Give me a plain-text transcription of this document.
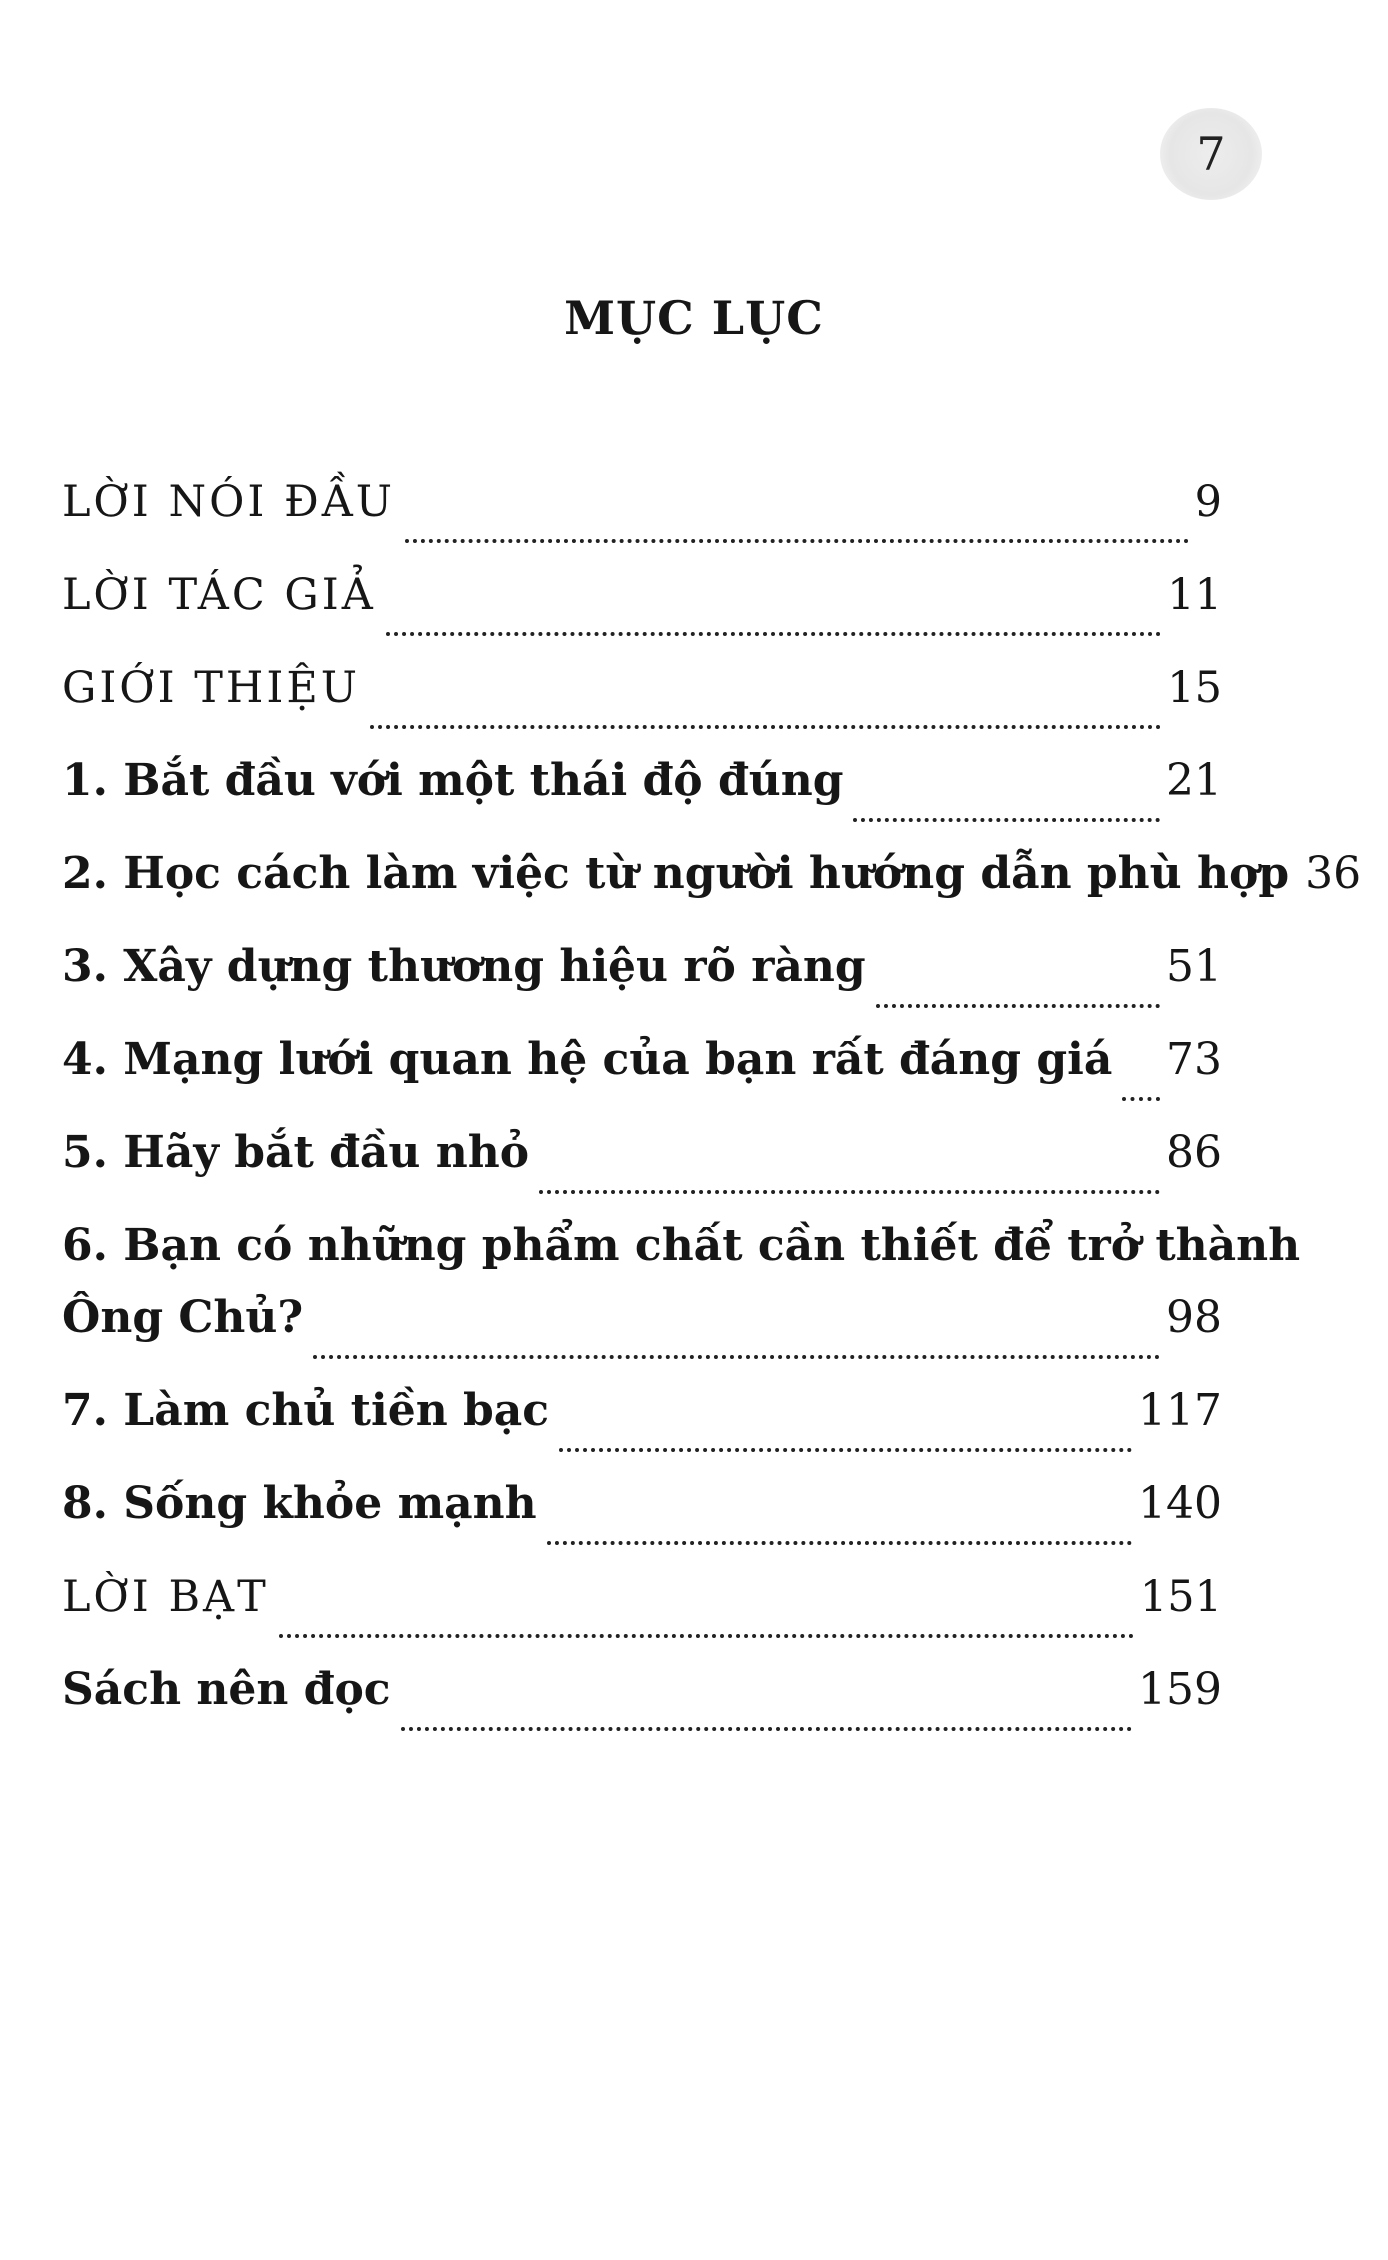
7
MỤC LỤC
LỜI NÓI ĐẦU	9
LỜI TÁC GIẢ	11
GIỚI THIỆU	15
1. Bắt đầu với một thái độ đúng	21
2. Học cách làm việc từ người hướng dẫn phù hợp 36
3. Xây dựng thương hiệu rõ ràng	51
4. Mạng lưới quan hệ của bạn rất đáng giá 73
5. Hãy bắt đầu nhỏ	86
6. Bạn có những phẩm chất cần thiết để trở thành
Ông Chủ?	98
7. Làm chủ tiền bạc	117
8. Sống khỏe mạnh	140
LỜI BẠT	151
Sách nên đọc	159
